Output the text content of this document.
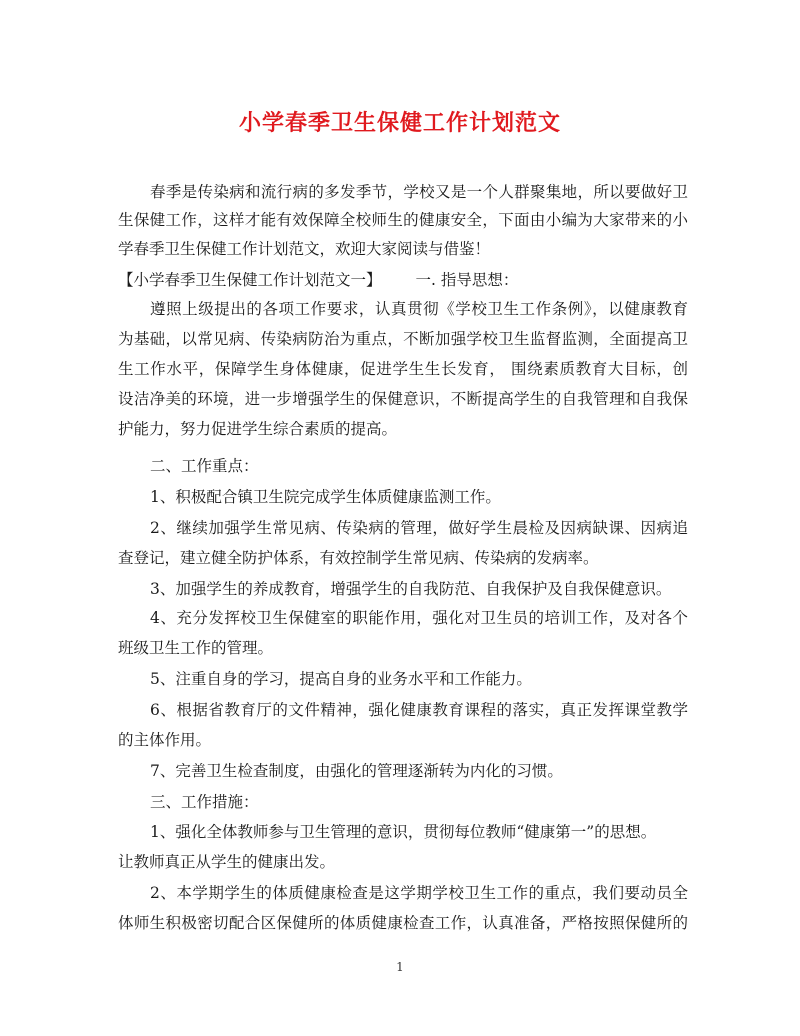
小学春季卫生保健工作计划范文
春季是传染病和流行病的多发季节，学校又是一个人群聚集地，所以要做好卫
生保健工作，这样才能有效保障全校师生的健康安全，下面由小编为大家带来的小
学春季卫生保健工作计划范文，欢迎大家阅读与借鉴！
【小学春季卫生保健工作计划范文一】 一. 指导思想：
遵照上级提出的各项工作要求，认真贯彻《学校卫生工作条例》，以健康教育
为基础，以常见病、传染病防治为重点，不断加强学校卫生监督监测，全面提高卫
生工作水平，保障学生身体健康，促进学生生长发育， 围绕素质教育大目标，创
设洁净美的环境，进一步增强学生的保健意识，不断提高学生的自我管理和自我保
护能力，努力促进学生综合素质的提高。
二、工作重点：
1、积极配合镇卫生院完成学生体质健康监测工作。
2、继续加强学生常见病、传染病的管理，做好学生晨检及因病缺课、因病追
查登记，建立健全防护体系，有效控制学生常见病、传染病的发病率。
3、加强学生的养成教育，增强学生的自我防范、自我保护及自我保健意识。
4、充分发挥校卫生保健室的职能作用，强化对卫生员的培训工作，及对各个
班级卫生工作的管理。
5、注重自身的学习，提高自身的业务水平和工作能力。
6、根据省教育厅的文件精神，强化健康教育课程的落实，真正发挥课堂教学
的主体作用。
7、完善卫生检查制度，由强化的管理逐渐转为内化的习惯。
三、工作措施：
1、强化全体教师参与卫生管理的意识，贯彻每位教师“健康第一”的思想。
让教师真正从学生的健康出发。
2、本学期学生的体质健康检查是这学期学校卫生工作的重点，我们要动员全
体师生积极密切配合区保健所的体质健康检查工作，认真准备，严格按照保健所的
1
